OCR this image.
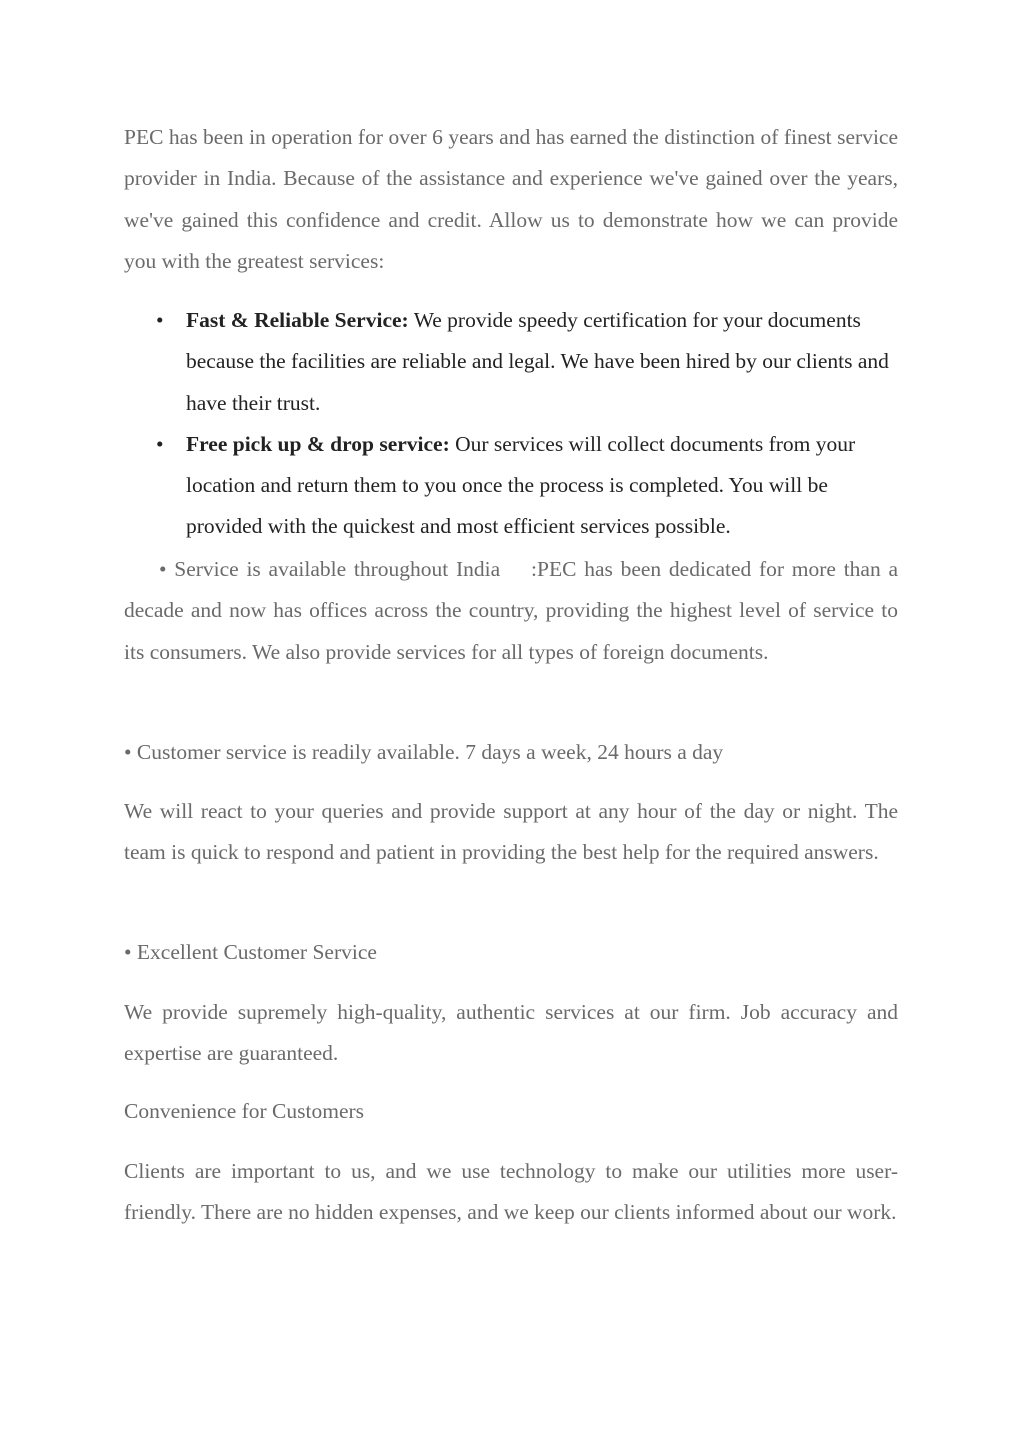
PEC has been in operation for over 6 years and has earned the distinction of finest service provider in India. Because of the assistance and experience we've gained over the years, we've gained this confidence and credit. Allow us to demonstrate how we can provide you with the greatest services:

• Fast & Reliable Service: We provide speedy certification for your documents because the facilities are reliable and legal. We have been hired by our clients and have their trust.
• Free pick up & drop service: Our services will collect documents from your location and return them to you once the process is completed. You will be provided with the quickest and most efficient services possible.

• Service is available throughout India    :PEC has been dedicated for more than a decade and now has offices across the country, providing the highest level of service to its consumers. We also provide services for all types of foreign documents.

• Customer service is readily available. 7 days a week, 24 hours a day

We will react to your queries and provide support at any hour of the day or night. The team is quick to respond and patient in providing the best help for the required answers.

• Excellent Customer Service

We provide supremely high-quality, authentic services at our firm. Job accuracy and expertise are guaranteed.

Convenience for Customers

Clients are important to us, and we use technology to make our utilities more user-friendly. There are no hidden expenses, and we keep our clients informed about our work.
